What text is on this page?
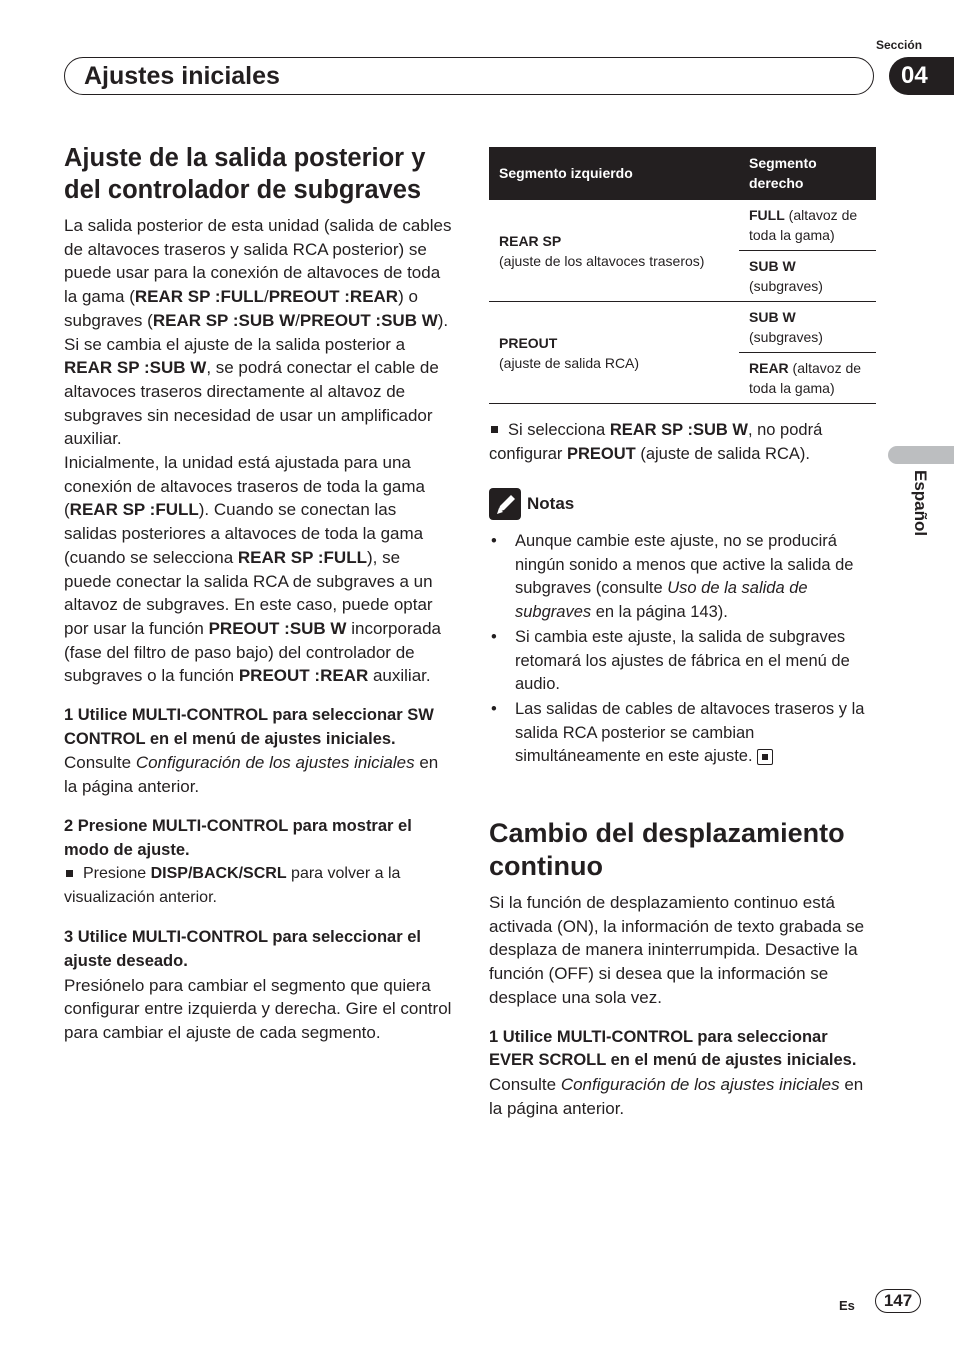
Sección
Ajustes iniciales	04
Español
Ajuste de la salida posterior y del controlador de subgraves

La salida posterior de esta unidad (salida de cables de altavoces traseros y salida RCA posterior) se puede usar para la conexión de altavoces de toda la gama (REAR SP :FULL/PREOUT :REAR) o subgraves (REAR SP :SUB W/PREOUT :SUB W). Si se cambia el ajuste de la salida posterior a REAR SP :SUB W, se podrá conectar el cable de altavoces traseros directamente al altavoz de subgraves sin necesidad de usar un amplificador auxiliar.

Inicialmente, la unidad está ajustada para una conexión de altavoces traseros de toda la gama (REAR SP :FULL). Cuando se conectan las salidas posteriores a altavoces de toda la gama (cuando se selecciona REAR SP :FULL), se puede conectar la salida RCA de subgraves a un altavoz de subgraves. En este caso, puede optar por usar la función PREOUT :SUB W incorporada (fase del filtro de paso bajo) del controlador de subgraves o la función PREOUT :REAR auxiliar.

1 Utilice MULTI-CONTROL para seleccionar SW CONTROL en el menú de ajustes iniciales.

Consulte Configuración de los ajustes iniciales en la página anterior.

2 Presione MULTI-CONTROL para mostrar el modo de ajuste.

Presione DISP/BACK/SCRL para volver a la visualización anterior.

3 Utilice MULTI-CONTROL para seleccionar el ajuste deseado.

Presiónelo para cambiar el segmento que quiera configurar entre izquierda y derecha. Gire el control para cambiar el ajuste de cada segmento.

Segmento izquierdo	Segmento derecho
REAR SP
(ajuste de los altavoces traseros)	FULL (altavoz de toda la gama)
	SUB W (subgraves)
PREOUT
(ajuste de salida RCA)	SUB W (subgraves)
	REAR (altavoz de toda la gama)

Si selecciona REAR SP :SUB W, no podrá configurar PREOUT (ajuste de salida RCA).

Notas
• Aunque cambie este ajuste, no se producirá ningún sonido a menos que active la salida de subgraves (consulte Uso de la salida de subgraves en la página 143).
• Si cambia este ajuste, la salida de subgraves retomará los ajustes de fábrica en el menú de audio.
• Las salidas de cables de altavoces traseros y la salida RCA posterior se cambian simultáneamente en este ajuste.
Cambio del desplazamiento continuo

Si la función de desplazamiento continuo está activada (ON), la información de texto grabada se desplaza de manera ininterrumpida. Desactive la función (OFF) si desea que la información se desplace una sola vez.

1 Utilice MULTI-CONTROL para seleccionar EVER SCROLL en el menú de ajustes iniciales.

Consulte Configuración de los ajustes iniciales en la página anterior.

Es	147
